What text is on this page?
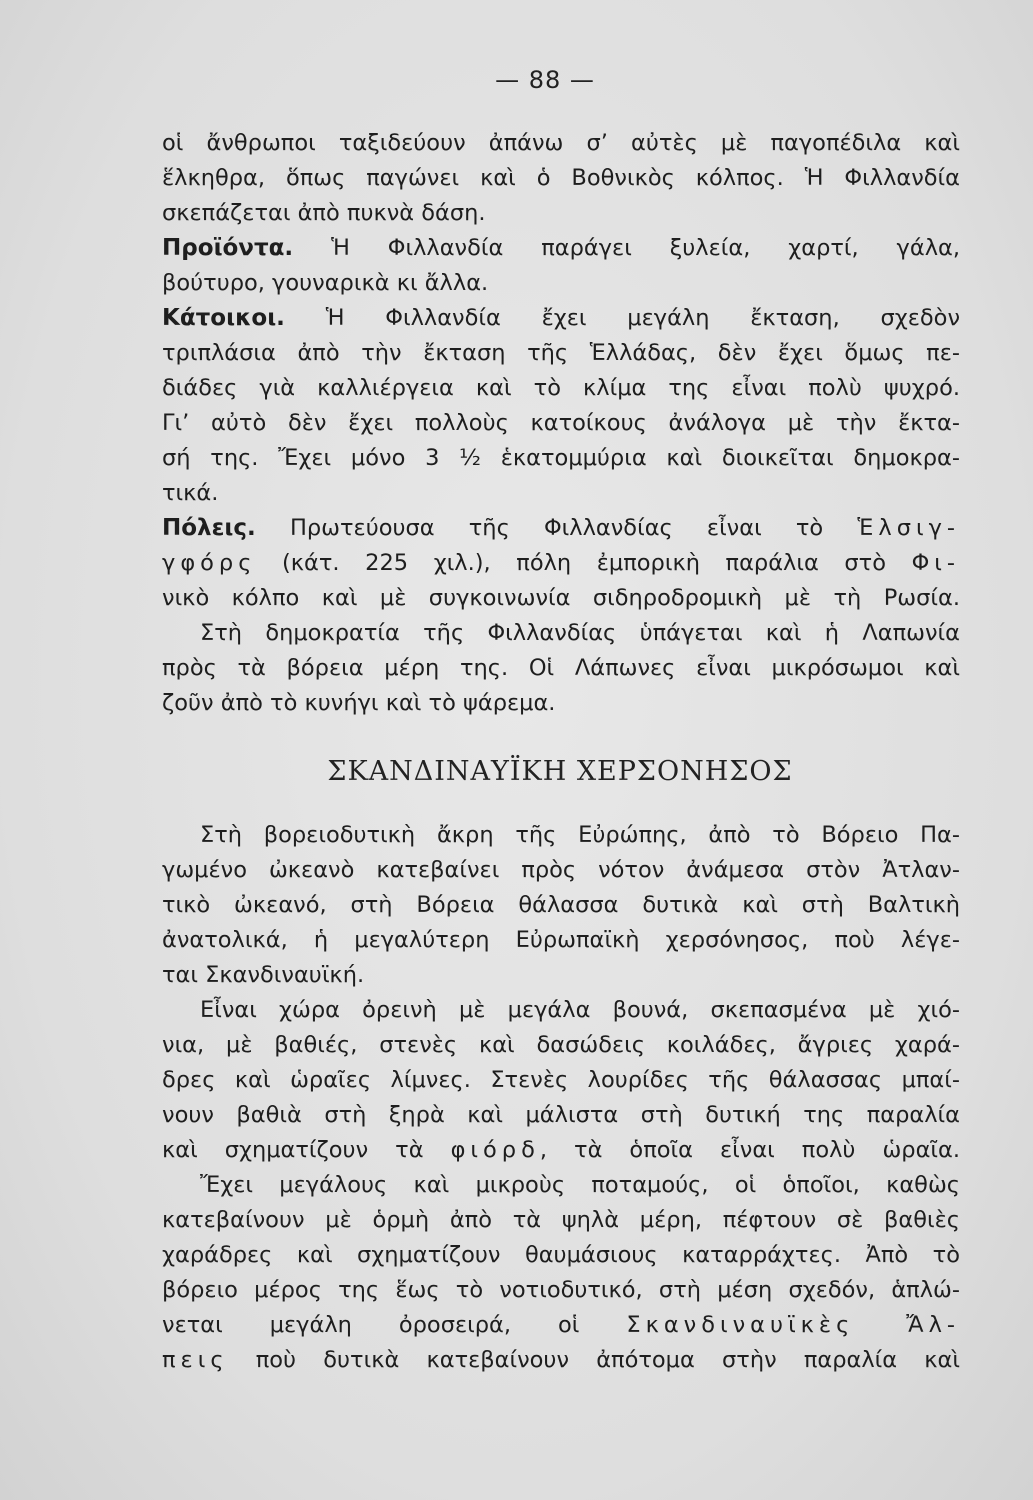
— 88 —
οἱ ἄνθρωποι ταξιδεύουν ἀπάνω σ’ αὐτὲς μὲ παγοπέδιλα καὶ
ἕλκηθρα, ὅπως παγώνει καὶ ὁ Βοθνικὸς κόλπος. Ἡ Φιλλανδία
σκεπάζεται ἀπὸ πυκνὰ δάση.
Προϊόντα. Ἡ Φιλλανδία παράγει ξυλεία, χαρτί, γάλα,
βούτυρο, γουναρικὰ κι ἄλλα.
Κάτοικοι. Ἡ Φιλλανδία ἔχει μεγάλη ἔκταση, σχεδὸν
τριπλάσια ἀπὸ τὴν ἔκταση τῆς Ἑλλάδας, δὲν ἔχει ὅμως πε-
διάδες γιὰ καλλιέργεια καὶ τὸ κλίμα της εἶναι πολὺ ψυχρό.
Γι’ αὐτὸ δὲν ἔχει πολλοὺς κατοίκους ἀνάλογα μὲ τὴν ἔκτα-
σή της. Ἔχει μόνο 3 ½ ἑκατομμύρια καὶ διοικεῖται δημοκρα-
τικά.
Πόλεις. Πρωτεύουσα τῆς Φιλλανδίας εἶναι τὸ Ἑλσιγ-
γφόρς (κάτ. 225 χιλ.), πόλη ἐμπορικὴ παράλια στὸ Φι-
νικὸ κόλπο καὶ μὲ συγκοινωνία σιδηροδρομικὴ μὲ τὴ Ρωσία.
Στὴ δημοκρατία τῆς Φιλλανδίας ὑπάγεται καὶ ἡ Λαπωνία
πρὸς τὰ βόρεια μέρη της. Οἱ Λάπωνες εἶναι μικρόσωμοι καὶ
ζοῦν ἀπὸ τὸ κυνήγι καὶ τὸ ψάρεμα.
ΣΚΑΝΔΙΝΑΥΪΚΗ ΧΕΡΣΟΝΗΣΟΣ
Στὴ βορειοδυτικὴ ἄκρη τῆς Εὐρώπης, ἀπὸ τὸ Βόρειο Πα-
γωμένο ὠκεανὸ κατεβαίνει πρὸς νότον ἀνάμεσα στὸν Ἀτλαν-
τικὸ ὠκεανό, στὴ Βόρεια θάλασσα δυτικὰ καὶ στὴ Βαλτικὴ
ἀνατολικά, ἡ μεγαλύτερη Εὐρωπαϊκὴ χερσόνησος, ποὺ λέγε-
ται Σκανδιναυϊκή.
Εἶναι χώρα ὀρεινὴ μὲ μεγάλα βουνά, σκεπασμένα μὲ χιό-
νια, μὲ βαθιές, στενὲς καὶ δασώδεις κοιλάδες, ἄγριες χαρά-
δρες καὶ ὡραῖες λίμνες. Στενὲς λουρίδες τῆς θάλασσας μπαί-
νουν βαθιὰ στὴ ξηρὰ καὶ μάλιστα στὴ δυτική της παραλία
καὶ σχηματίζουν τὰ φιόρδ, τὰ ὁποῖα εἶναι πολὺ ὡραῖα.
Ἔχει μεγάλους καὶ μικροὺς ποταμούς, οἱ ὁποῖοι, καθὼς
κατεβαίνουν μὲ ὁρμὴ ἀπὸ τὰ ψηλὰ μέρη, πέφτουν σὲ βαθιὲς
χαράδρες καὶ σχηματίζουν θαυμάσιους καταρράχτες. Ἀπὸ τὸ
βόρειο μέρος της ἕως τὸ νοτιοδυτικό, στὴ μέση σχεδόν, ἁπλώ-
νεται μεγάλη ὀροσειρά, οἱ Σκανδιναυϊκὲς Ἄλ-
πεις ποὺ δυτικὰ κατεβαίνουν ἀπότομα στὴν παραλία καὶ
